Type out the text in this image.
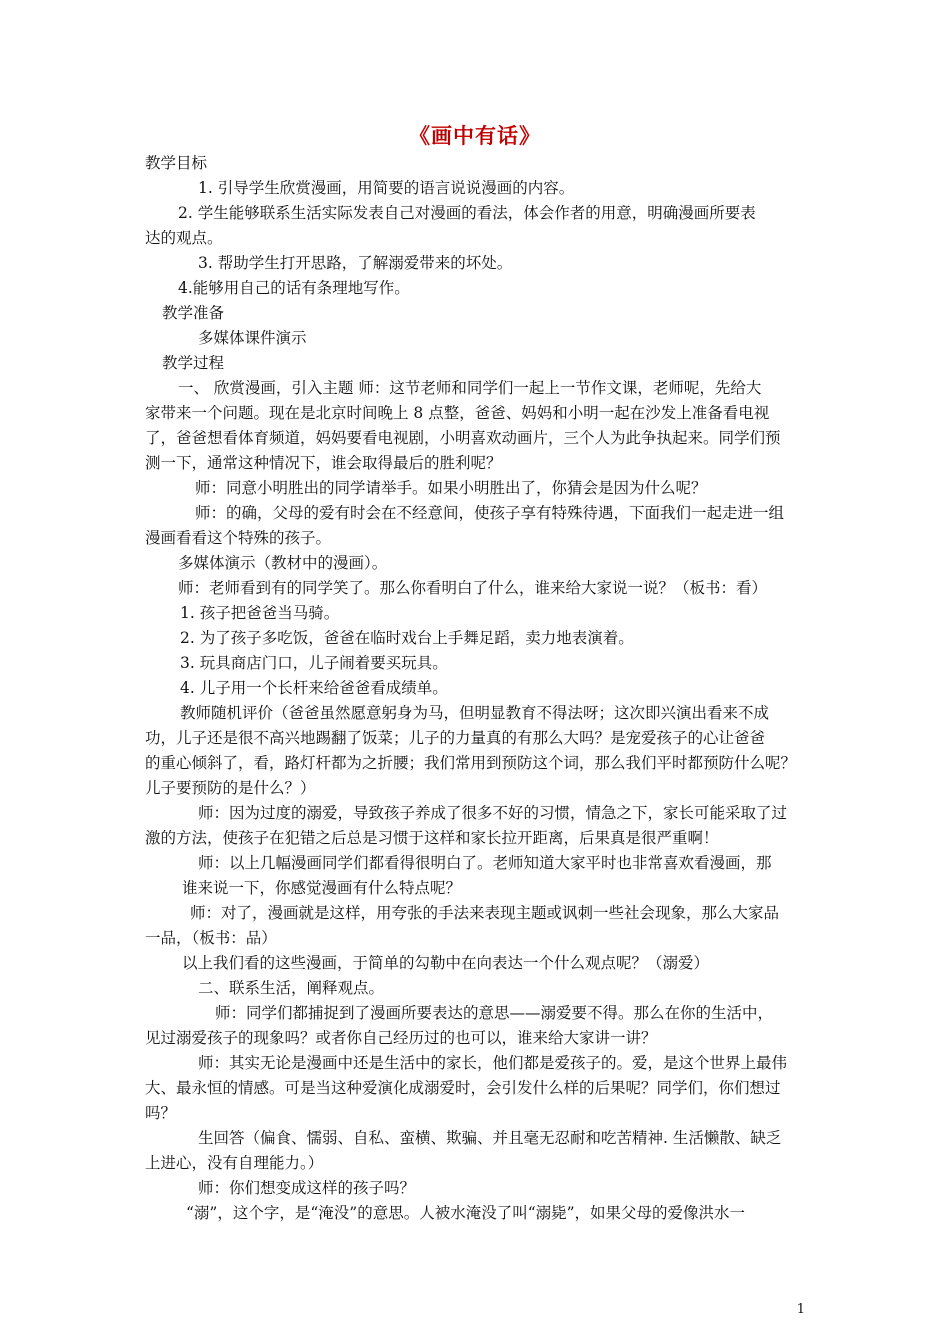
《画中有话》
教学目标
1. 引导学生欣赏漫画，用简要的语言说说漫画的内容。
2. 学生能够联系生活实际发表自己对漫画的看法，体会作者的用意，明确漫画所要表
达的观点。
3. 帮助学生打开思路，了解溺爱带来的坏处。
4.能够用自己的话有条理地写作。
教学准备
多媒体课件演示
教学过程
一、 欣赏漫画，引入主题 师：这节老师和同学们一起上一节作文课，老师呢，先给大
家带来一个问题。现在是北京时间晚上 8 点整，爸爸、妈妈和小明一起在沙发上准备看电视
了，爸爸想看体育频道，妈妈要看电视剧，小明喜欢动画片，三个人为此争执起来。同学们预
测一下，通常这种情况下，谁会取得最后的胜利呢？
师：同意小明胜出的同学请举手。如果小明胜出了，你猜会是因为什么呢？
师：的确，父母的爱有时会在不经意间，使孩子享有特殊待遇，下面我们一起走进一组
漫画看看这个特殊的孩子。
多媒体演示（教材中的漫画）。
师：老师看到有的同学笑了。那么你看明白了什么，谁来给大家说一说？（板书：看）
1. 孩子把爸爸当马骑。
2. 为了孩子多吃饭，爸爸在临时戏台上手舞足蹈，卖力地表演着。
3. 玩具商店门口，儿子闹着要买玩具。
4. 儿子用一个长杆来给爸爸看成绩单。
教师随机评价（爸爸虽然愿意躬身为马，但明显教育不得法呀；这次即兴演出看来不成
功，儿子还是很不高兴地踢翻了饭菜；儿子的力量真的有那么大吗？是宠爱孩子的心让爸爸
的重心倾斜了，看，路灯杆都为之折腰；我们常用到预防这个词，那么我们平时都预防什么呢？
儿子要预防的是什么？）
师：因为过度的溺爱，导致孩子养成了很多不好的习惯，情急之下，家长可能采取了过
激的方法，使孩子在犯错之后总是习惯于这样和家长拉开距离，后果真是很严重啊！
师：以上几幅漫画同学们都看得很明白了。老师知道大家平时也非常喜欢看漫画，那
谁来说一下，你感觉漫画有什么特点呢？
师：对了，漫画就是这样，用夸张的手法来表现主题或讽刺一些社会现象，那么大家品
一品，（板书：品）
以上我们看的这些漫画，于简单的勾勒中在向表达一个什么观点呢？（溺爱）
二、联系生活，阐释观点。
师：同学们都捕捉到了漫画所要表达的意思——溺爱要不得。那么在你的生活中，
见过溺爱孩子的现象吗？或者你自己经历过的也可以，谁来给大家讲一讲？
师：其实无论是漫画中还是生活中的家长，他们都是爱孩子的。爱，是这个世界上最伟
大、最永恒的情感。可是当这种爱演化成溺爱时，会引发什么样的后果呢？同学们，你们想过
吗？
生回答（偏食、懦弱、自私、蛮横、欺骗、并且毫无忍耐和吃苦精神. 生活懒散、缺乏
上进心，没有自理能力。）
师：你们想变成这样的孩子吗？
“溺”，这个字，是“淹没”的意思。人被水淹没了叫“溺毙”，如果父母的爱像洪水一
1
